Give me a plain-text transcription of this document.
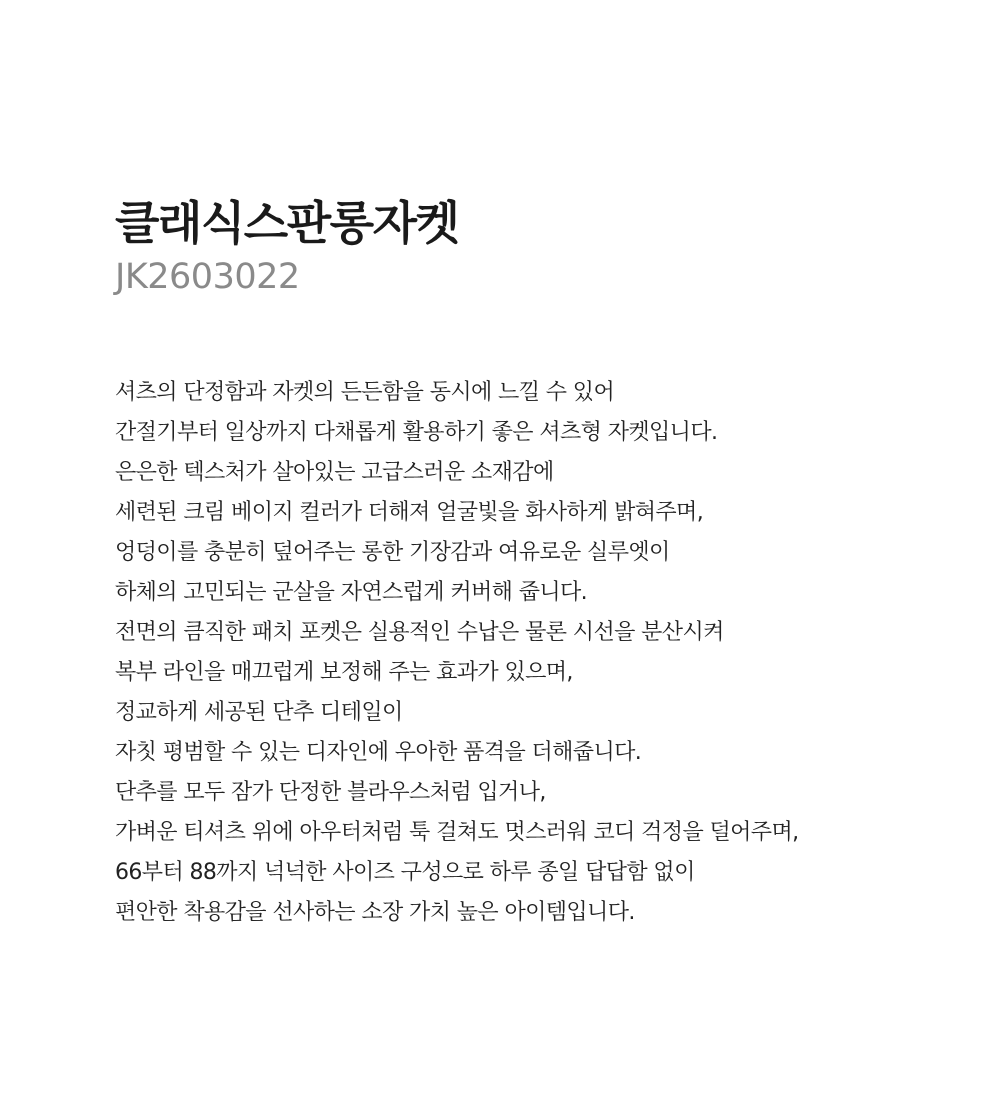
클래식스판롱자켓

JK2603022

셔츠의 단정함과 자켓의 든든함을 동시에 느낄 수 있어
간절기부터 일상까지 다채롭게 활용하기 좋은 셔츠형 자켓입니다.
은은한 텍스처가 살아있는 고급스러운 소재감에
세련된 크림 베이지 컬러가 더해져 얼굴빛을 화사하게 밝혀주며,
엉덩이를 충분히 덮어주는 롱한 기장감과 여유로운 실루엣이
하체의 고민되는 군살을 자연스럽게 커버해 줍니다.
전면의 큼직한 패치 포켓은 실용적인 수납은 물론 시선을 분산시켜
복부 라인을 매끄럽게 보정해 주는 효과가 있으며,
정교하게 세공된 단추 디테일이
자칫 평범할 수 있는 디자인에 우아한 품격을 더해줍니다.
단추를 모두 잠가 단정한 블라우스처럼 입거나,
가벼운 티셔츠 위에 아우터처럼 툭 걸쳐도 멋스러워 코디 걱정을 덜어주며,
66부터 88까지 넉넉한 사이즈 구성으로 하루 종일 답답함 없이
편안한 착용감을 선사하는 소장 가치 높은 아이템입니다.
